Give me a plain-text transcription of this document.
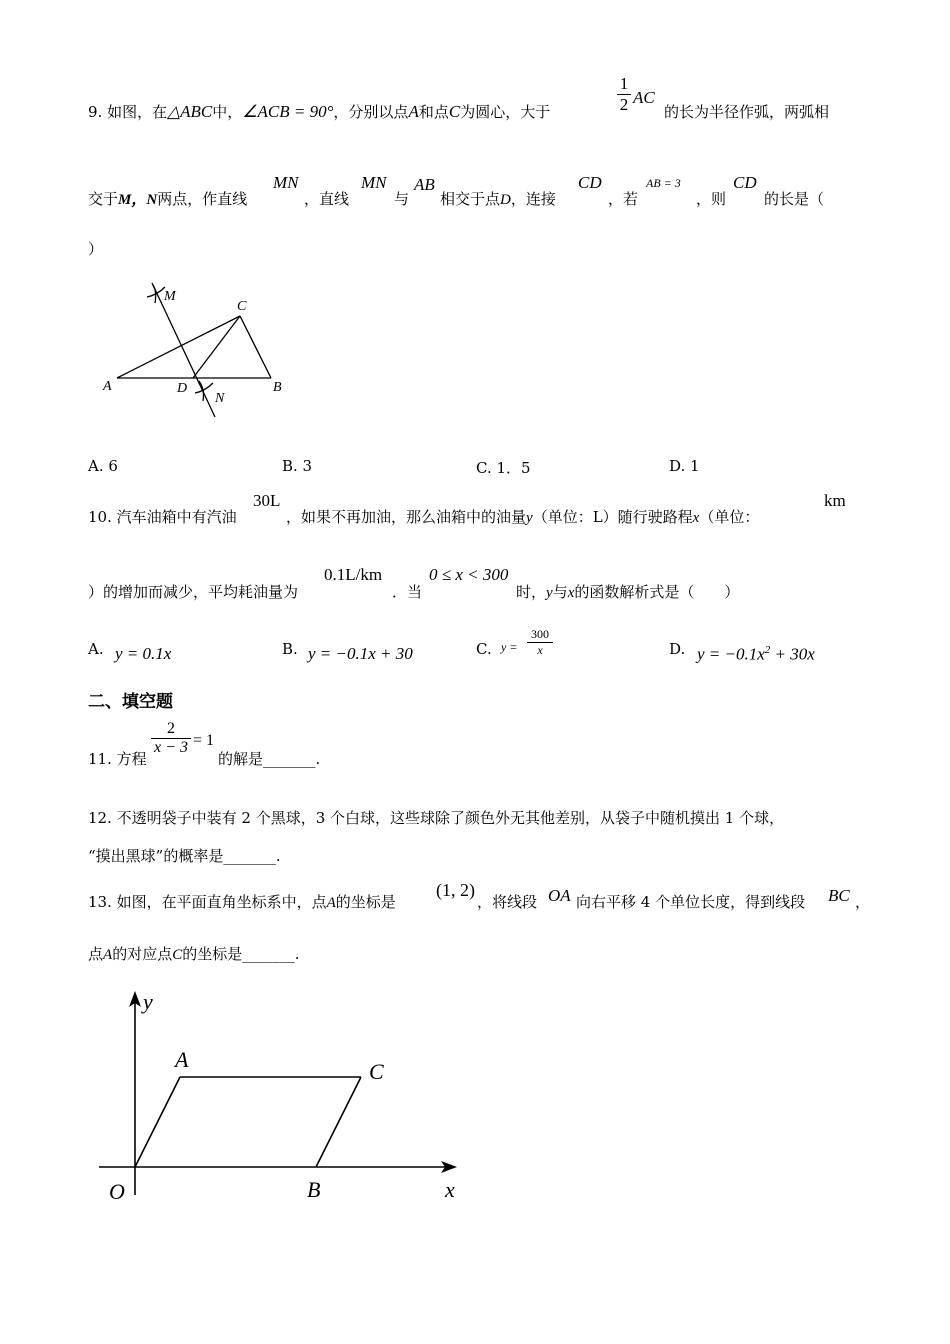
9. 如图，在△ABC中，∠ACB = 90°，分别以点A和点C为圆心，大于	$\frac{1}{2}$ AC
的长为半径作弧，两弧相
交于M，N两点，作直线
MN
，直线
MN
与
AB
相交于点D，连接
CD
，若
AB = 3
，则
CD
的长是（
）
M
C
A	D
N
B
A. 6	B. 3	C. 1．5	D. 1
10. 汽车油箱中有汽油
30L
，如果不再加油，那么油箱中的油量y（单位：L）随行驶路程x（单位：
km
）的增加而减少，平均耗油量为
0.1L/km
．当
0 ≤ x < 300
时，y与x的函数解析式是（　　）
A. y = 0.1x	B. y = −0.1x + 30	C. $y = \frac{300}{x}$	D. $y = -0.1x^2 + 30x$
二、填空题
11. 方程
$\frac{2}{x - 3} = 1$
的解是_______.
12. 不透明袋子中装有 2 个黑球，3 个白球，这些球除了颜色外无其他差别，从袋子中随机摸出 1 个球，
“摸出黑球”的概率是_______.
13. 如图，在平面直角坐标系中，点A的坐标是
(1, 2)
，将线段 OA 向右平移 4 个单位长度，得到线段 BC ，
点A的对应点C的坐标是_______.
y
A	C
O	B	x
